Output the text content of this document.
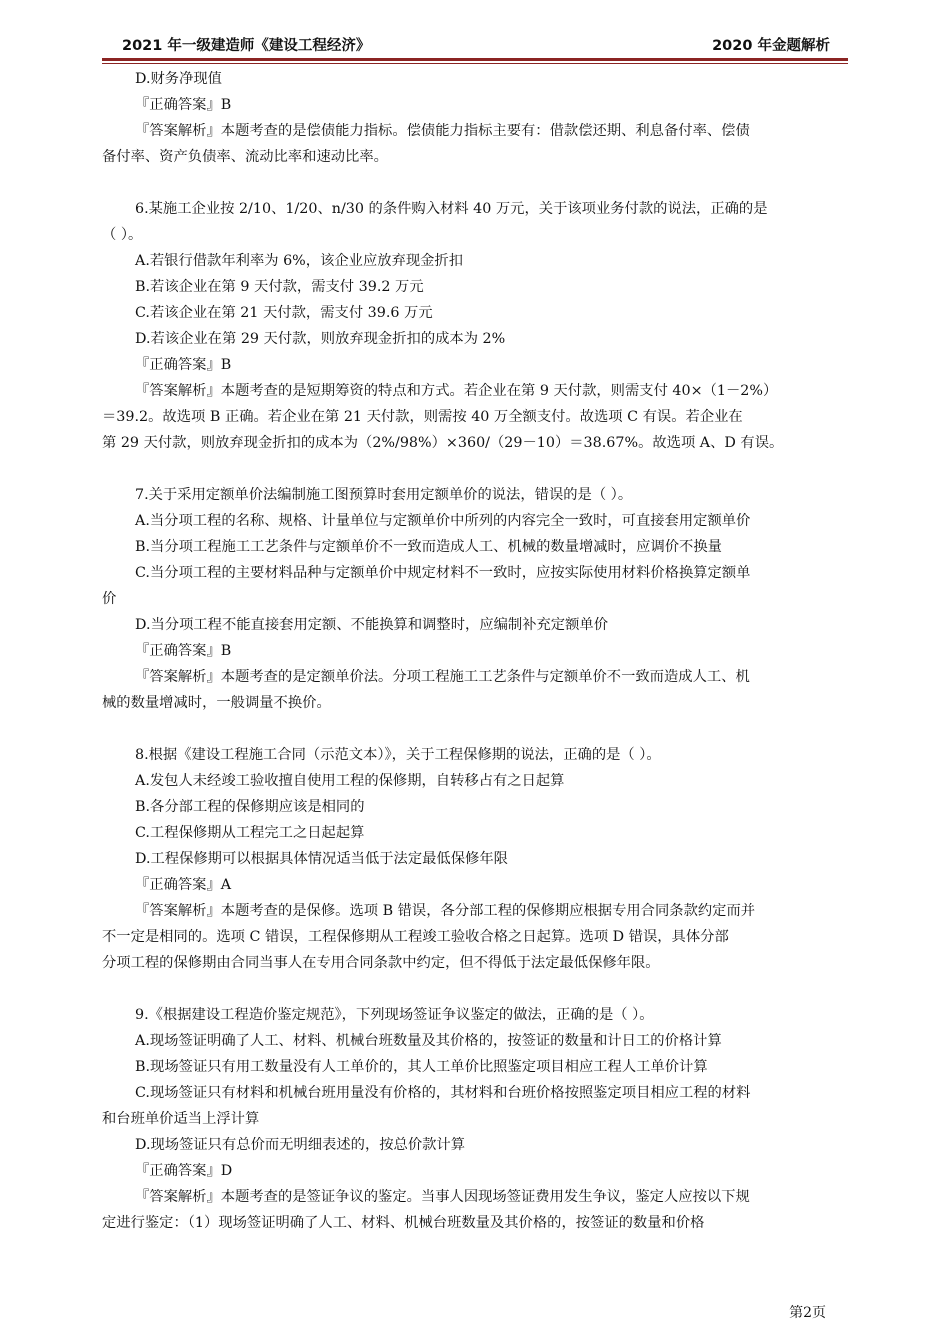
2021 年一级建造师《建设工程经济》	2020 年金题解析

D.财务净现值

『正确答案』B

『答案解析』本题考查的是偿债能力指标。偿债能力指标主要有：借款偿还期、利息备付率、偿债

备付率、资产负债率、流动比率和速动比率。

6.某施工企业按 2/10、1/20、n/30 的条件购入材料 40 万元，关于该项业务付款的说法，正确的是

（ ）。

A.若银行借款年利率为 6%，该企业应放弃现金折扣

B.若该企业在第 9 天付款，需支付 39.2 万元

C.若该企业在第 21 天付款，需支付 39.6 万元

D.若该企业在第 29 天付款，则放弃现金折扣的成本为 2%

『正确答案』B

『答案解析』本题考查的是短期筹资的特点和方式。若企业在第 9 天付款，则需支付 40×（1－2%）

＝39.2。故选项 B 正确。若企业在第 21 天付款，则需按 40 万全额支付。故选项 C 有误。若企业在

第 29 天付款，则放弃现金折扣的成本为（2%/98%）×360/（29－10）＝38.67%。故选项 A、D 有误。

7.关于采用定额单价法编制施工图预算时套用定额单价的说法，错误的是（ ）。

A.当分项工程的名称、规格、计量单位与定额单价中所列的内容完全一致时，可直接套用定额单价

B.当分项工程施工工艺条件与定额单价不一致而造成人工、机械的数量增减时，应调价不换量

C.当分项工程的主要材料品种与定额单价中规定材料不一致时，应按实际使用材料价格换算定额单

价

D.当分项工程不能直接套用定额、不能换算和调整时，应编制补充定额单价

『正确答案』B

『答案解析』本题考查的是定额单价法。分项工程施工工艺条件与定额单价不一致而造成人工、机

械的数量增减时，一般调量不换价。

8.根据《建设工程施工合同（示范文本）》，关于工程保修期的说法，正确的是（ ）。

A.发包人未经竣工验收擅自使用工程的保修期，自转移占有之日起算

B.各分部工程的保修期应该是相同的

C.工程保修期从工程完工之日起起算

D.工程保修期可以根据具体情况适当低于法定最低保修年限

『正确答案』A

『答案解析』本题考查的是保修。选项 B 错误，各分部工程的保修期应根据专用合同条款约定而并

不一定是相同的。选项 C 错误，工程保修期从工程竣工验收合格之日起算。选项 D 错误，具体分部

分项工程的保修期由合同当事人在专用合同条款中约定，但不得低于法定最低保修年限。

9.《根据建设工程造价鉴定规范》，下列现场签证争议鉴定的做法，正确的是（ ）。

A.现场签证明确了人工、材料、机械台班数量及其价格的，按签证的数量和计日工的价格计算

B.现场签证只有用工数量没有人工单价的，其人工单价比照鉴定项目相应工程人工单价计算

C.现场签证只有材料和机械台班用量没有价格的，其材料和台班价格按照鉴定项目相应工程的材料

和台班单价适当上浮计算

D.现场签证只有总价而无明细表述的，按总价款计算

『正确答案』D

『答案解析』本题考查的是签证争议的鉴定。当事人因现场签证费用发生争议，鉴定人应按以下规

定进行鉴定：（1）现场签证明确了人工、材料、机械台班数量及其价格的，按签证的数量和价格

第2页
